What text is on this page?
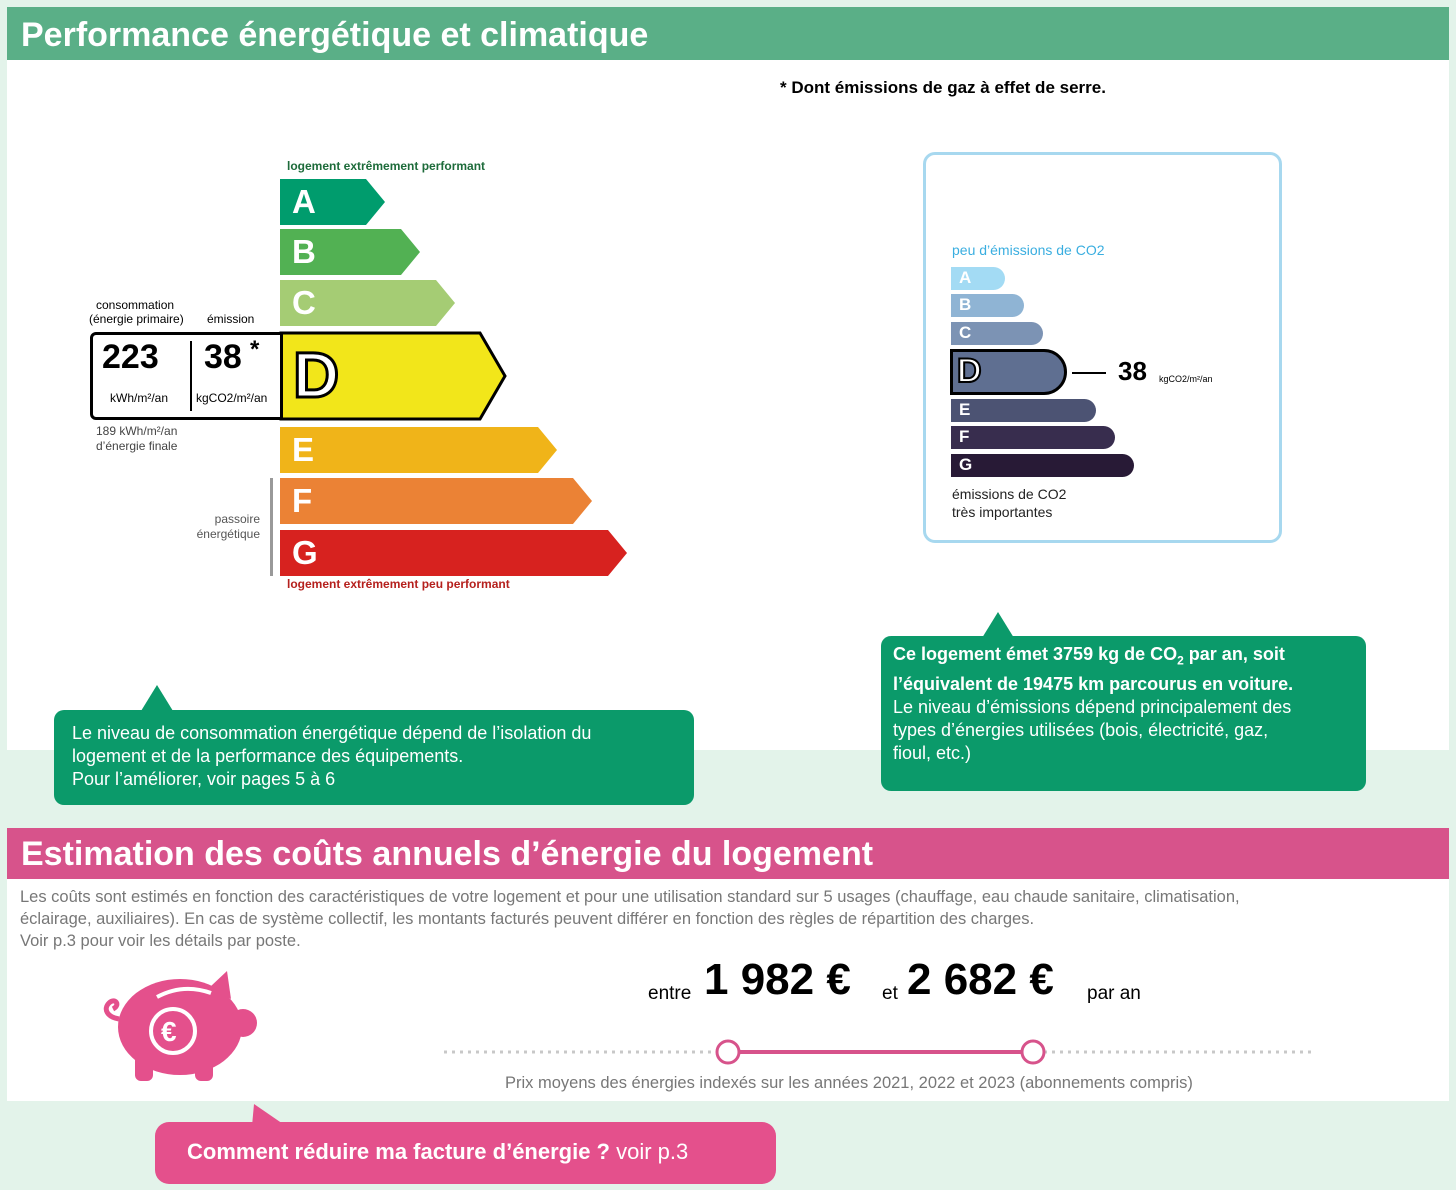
Performance énergétique et climatique
* Dont émissions de gaz à effet de serre.
logement extrêmement performant
logement extrêmement peu performant
A
B
C
D
E
F
G
consommation
(énergie primaire) émission
223 38 *
kWh/m²/an kgCO2/m²/an
189 kWh/m²/an
d’énergie finale
passoire
énergétique
peu d’émissions de CO2
A
B
C
D	38 kgCO2/m²/an
E
F
G
émissions de CO2
très importantes
Ce logement émet 3759 kg de $CO_2$ par an, soit
l’équivalent de 19475 km parcourus en voiture.
Le niveau d’émissions dépend principalement des
types d’énergies utilisées (bois, électricité, gaz,
fioul, etc.)
Le niveau de consommation énergétique dépend de l’isolation du
logement et de la performance des équipements.
Pour l’améliorer, voir pages 5 à 6
Estimation des coûts annuels d’énergie du logement
Les coûts sont estimés en fonction des caractéristiques de votre logement et pour une utilisation standard sur 5 usages (chauffage, eau chaude sanitaire, climatisation,
éclairage, auxiliaires). En cas de système collectif, les montants facturés peuvent différer en fonction des règles de répartition des charges.
Voir p.3 pour voir les détails par poste.
€
entre 1 982 € et 2 682 € par an
Prix moyens des énergies indexés sur les années 2021, 2022 et 2023 (abonnements compris)
Comment réduire ma facture d’énergie ? voir p.3
